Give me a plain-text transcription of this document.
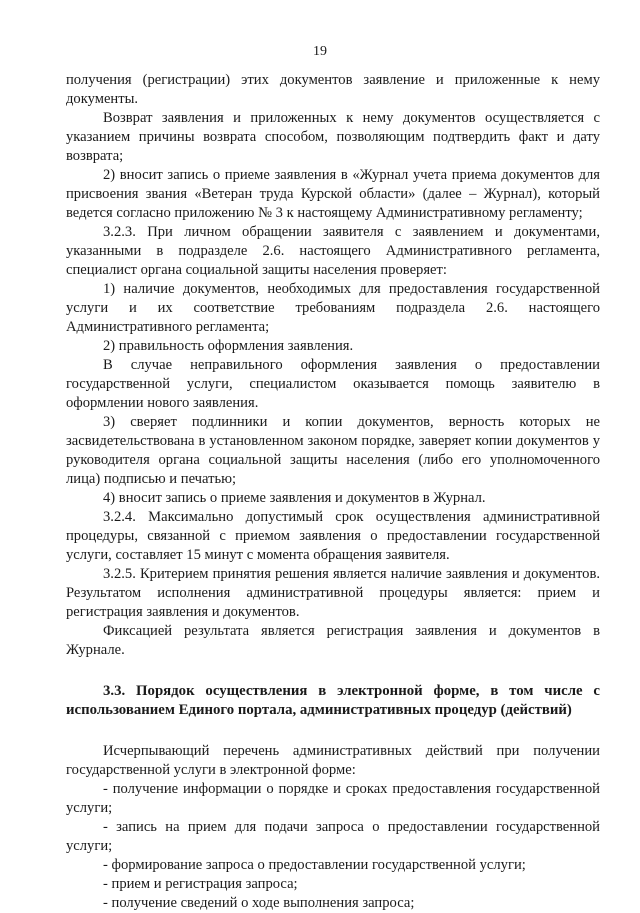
19

получения (регистрации) этих документов заявление и приложенные к нему документы.

Возврат заявления и приложенных к нему документов осуществляется с указанием причины возврата способом, позволяющим подтвердить факт и дату возврата;

2) вносит запись о приеме заявления в «Журнал учета приема документов для присвоения звания «Ветеран труда Курской области» (далее – Журнал), который ведется согласно приложению № 3 к настоящему Административному регламенту;

3.2.3. При личном обращении заявителя с заявлением и документами, указанными в подразделе 2.6. настоящего Административного регламента, специалист органа социальной защиты населения проверяет:

1) наличие документов, необходимых для предоставления государственной услуги и их соответствие требованиям подраздела 2.6. настоящего Административного регламента;

2) правильность оформления заявления.

В случае неправильного оформления заявления о предоставлении государственной услуги, специалистом оказывается помощь заявителю в оформлении нового заявления.

3) сверяет подлинники и копии документов, верность которых не засвидетельствована в установленном законом порядке, заверяет копии документов у руководителя органа социальной защиты населения (либо его уполномоченного лица) подписью и печатью;

4) вносит запись о приеме заявления и документов в Журнал.

3.2.4. Максимально допустимый срок осуществления административной процедуры, связанной с приемом заявления о предоставлении государственной услуги, составляет 15 минут с момента обращения заявителя.

3.2.5. Критерием принятия решения является наличие заявления и документов. Результатом исполнения административной процедуры является: прием и регистрация заявления и документов.

Фиксацией результата является регистрация заявления и документов в Журнале.

3.3. Порядок осуществления в электронной форме, в том числе с использованием Единого портала, административных процедур (действий)

Исчерпывающий перечень административных действий при получении государственной услуги в электронной форме:

- получение информации о порядке и сроках предоставления государственной услуги;

- запись на прием для подачи запроса о предоставлении государственной услуги;

- формирование запроса о предоставлении государственной услуги;

- прием и регистрация запроса;

- получение сведений о ходе выполнения запроса;
